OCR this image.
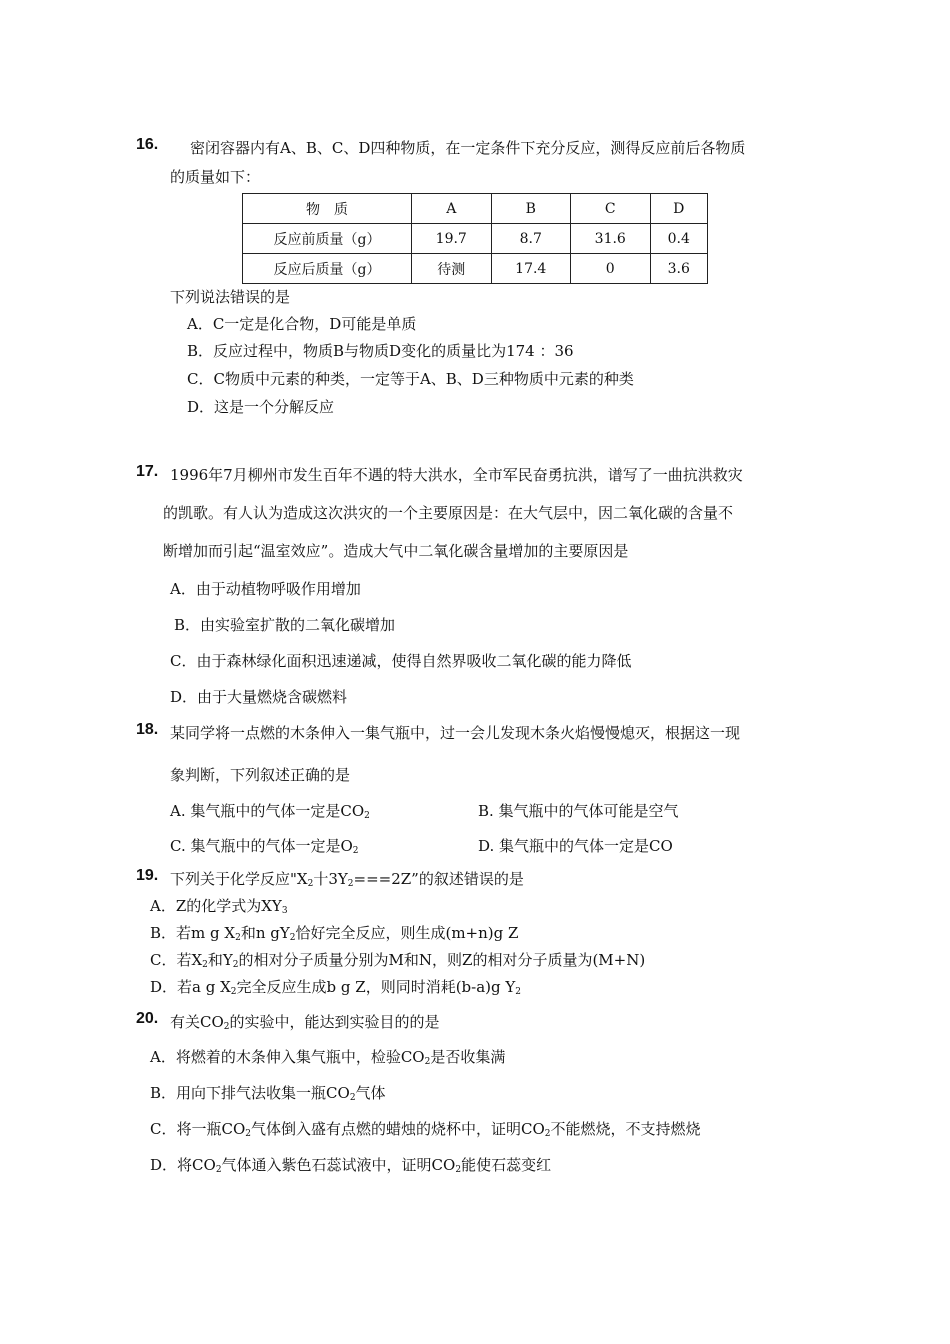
16. 密闭容器内有A、B、C、D四种物质，在一定条件下充分反应，测得反应前后各物质
的质量如下：
物　质	A	B	C	D
反应前质量（g）	19.7	8.7	31.6	0.4
反应后质量（g）	待测	17.4	0	3.6
下列说法错误的是
A．C一定是化合物，D可能是单质
B．反应过程中，物质B与物质D变化的质量比为174 ：36
C．C物质中元素的种类，一定等于A、B、D三种物质中元素的种类
D．这是一个分解反应
17. 1996年7月柳州市发生百年不遇的特大洪水，全市军民奋勇抗洪，谱写了一曲抗洪救灾
的凯歌。有人认为造成这次洪灾的一个主要原因是：在大气层中，因二氧化碳的含量不
断增加而引起“温室效应”。造成大气中二氧化碳含量增加的主要原因是
A．由于动植物呼吸作用增加
B．由实验室扩散的二氧化碳增加
C．由于森林绿化面积迅速递减，使得自然界吸收二氧化碳的能力降低
D．由于大量燃烧含碳燃料
18. 某同学将一点燃的木条伸入一集气瓶中，过一会儿发现木条火焰慢慢熄灭，根据这一现
象判断，下列叙述正确的是
A. 集气瓶中的气体一定是$CO_2$	B. 集气瓶中的气体可能是空气
C. 集气瓶中的气体一定是$O_2$	D. 集气瓶中的气体一定是CO
19. 下列关于化学反应"$X_2$十$3Y_2===2Z$”的叙述错误的是
A．Z的化学式为$XY_3$
B．若m g $X_2$和n $gY_2$恰好完全反应，则生成(m+n)g Z
C．若$X_2$和$Y_2$的相对分子质量分别为M和N，则Z的相对分子质量为(M+N)
D．若a g $X_2$完全反应生成b g Z，则同时消耗(b-a)g $Y_2$
20. 有关$CO_2$的实验中，能达到实验目的的是
A．将燃着的木条伸入集气瓶中，检验$CO_2$是否收集满
B．用向下排气法收集一瓶$CO_2$气体
C．将一瓶$CO_2$气体倒入盛有点燃的蜡烛的烧杯中，证明$CO_2$不能燃烧，不支持燃烧
D．将$CO_2$气体通入紫色石蕊试液中，证明$CO_2$能使石蕊变红
